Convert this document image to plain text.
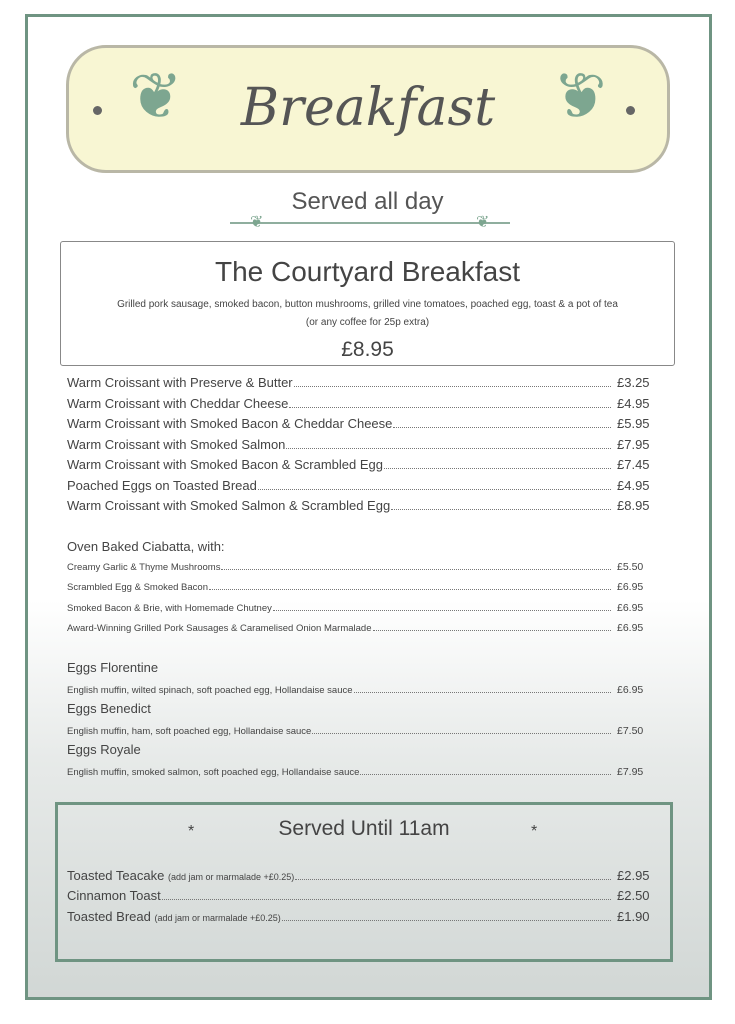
❦	❦
Breakfast
Served all day
❦	❦
The Courtyard Breakfast
Grilled pork sausage, smoked bacon, button mushrooms, grilled vine tomatoes, poached egg, toast & a pot of tea
(or any coffee for 25p extra)
£8.95
Oven Baked Ciabatta, with:
*	Served Until 11am	*
Warm Croissant with Preserve & Butter	£3.25
Warm Croissant with Cheddar Cheese	£4.95
Warm Croissant with Smoked Bacon & Cheddar Cheese	£5.95
Warm Croissant with Smoked Salmon	£7.95
Warm Croissant with Smoked Bacon & Scrambled Egg	£7.45
Poached Eggs on Toasted Bread	£4.95
Warm Croissant with Smoked Salmon & Scrambled Egg	£8.95
Creamy Garlic & Thyme Mushrooms	£5.50
Scrambled Egg & Smoked Bacon	£6.95
Smoked Bacon & Brie, with Homemade Chutney	£6.95
Award-Winning Grilled Pork Sausages & Caramelised Onion Marmalade	£6.95
Eggs Florentine
English muffin, wilted spinach, soft poached egg, Hollandaise sauce	£6.95
Eggs Benedict
English muffin, ham, soft poached egg, Hollandaise sauce	£7.50
Eggs Royale
English muffin, smoked salmon, soft poached egg, Hollandaise sauce	£7.95
Toasted Teacake (add jam or marmalade +£0.25)	£2.95
Cinnamon Toast	£2.50
Toasted Bread (add jam or marmalade +£0.25)	£1.90
